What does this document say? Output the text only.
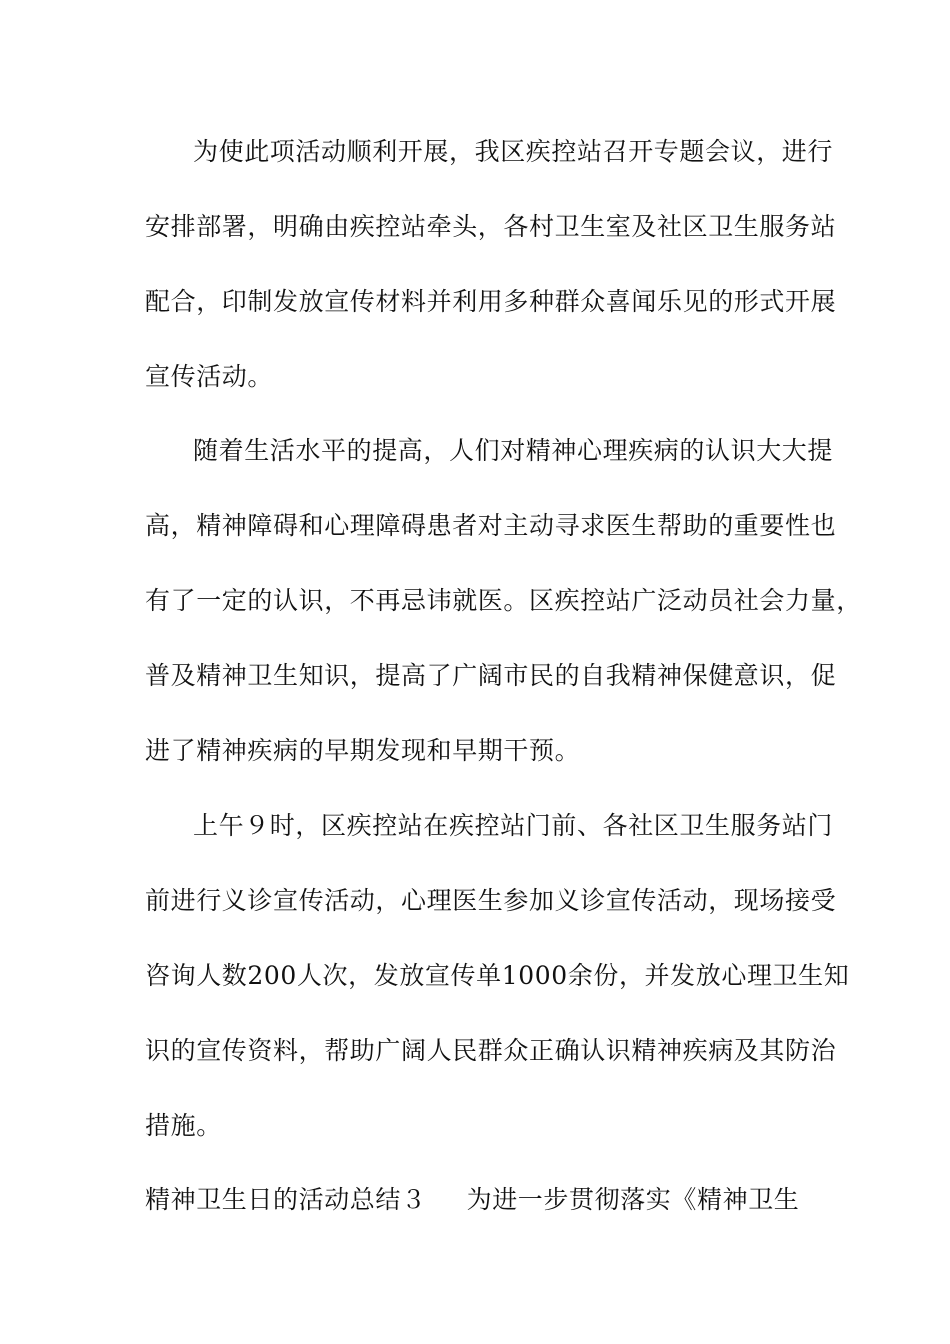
为使此项活动顺利开展，我区疾控站召开专题会议，进行
安排部署，明确由疾控站牵头，各村卫生室及社区卫生服务站
配合，印制发放宣传材料并利用多种群众喜闻乐见的形式开展
宣传活动。
随着生活水平的提高，人们对精神心理疾病的认识大大提
高，精神障碍和心理障碍患者对主动寻求医生帮助的重要性也
有了一定的认识，不再忌讳就医。区疾控站广泛动员社会力量，
普及精神卫生知识，提高了广阔市民的自我精神保健意识，促
进了精神疾病的早期发现和早期干预。
上午９时，区疾控站在疾控站门前、各社区卫生服务站门
前进行义诊宣传活动，心理医生参加义诊宣传活动，现场接受
咨询人数200人次，发放宣传单1000余份，并发放心理卫生知
识的宣传资料，帮助广阔人民群众正确认识精神疾病及其防治
措施。
精神卫生日的活动总结３ 为进一步贯彻落实《精神卫生
